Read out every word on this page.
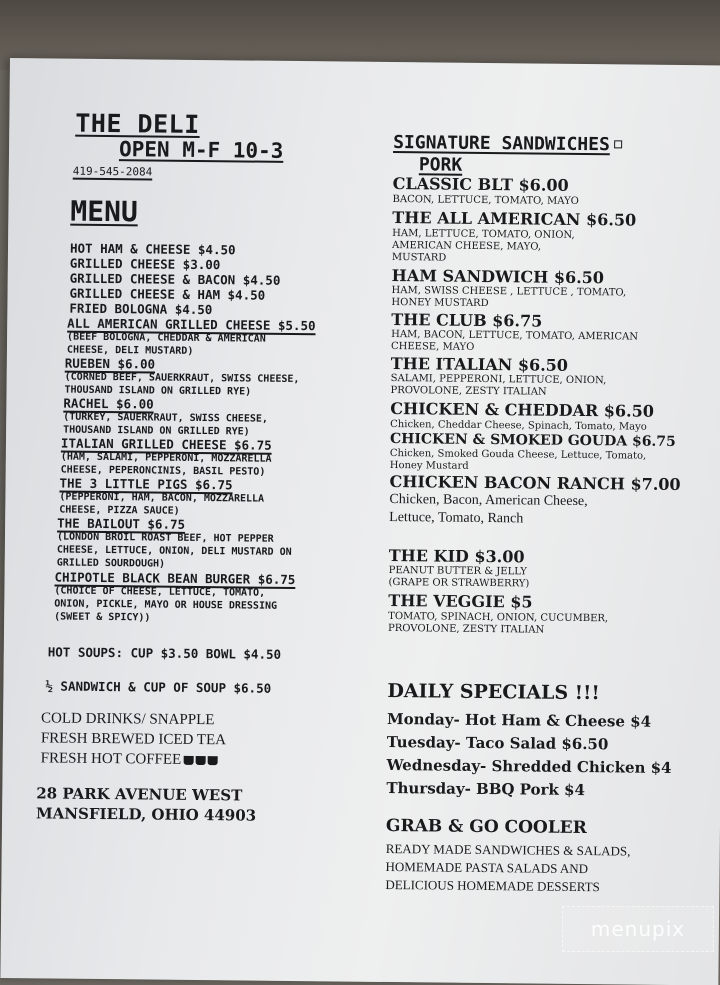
THE DELI
OPEN M-F 10-3
419-545-2084
MENU
HOT HAM & CHEESE $4.50
GRILLED CHEESE $3.00
GRILLED CHEESE & BACON $4.50
GRILLED CHEESE & HAM $4.50
FRIED BOLOGNA $4.50
ALL AMERICAN GRILLED CHEESE $5.50
(BEEF BOLOGNA, CHEDDAR & AMERICAN
CHEESE, DELI MUSTARD)
RUEBEN $6.00
(CORNED BEEF, SAUERKRAUT, SWISS CHEESE,
THOUSAND ISLAND ON GRILLED RYE)
RACHEL $6.00
(TURKEY, SAUERKRAUT, SWISS CHEESE,
THOUSAND ISLAND ON GRILLED RYE)
ITALIAN GRILLED CHEESE $6.75
(HAM, SALAMI, PEPPERONI, MOZZARELLA
CHEESE, PEPERONCINIS, BASIL PESTO)
THE 3 LITTLE PIGS $6.75
(PEPPERONI, HAM, BACON, MOZZARELLA
CHEESE, PIZZA SAUCE)
THE BAILOUT $6.75
(LONDON BROIL ROAST BEEF, HOT PEPPER
CHEESE, LETTUCE, ONION, DELI MUSTARD ON
GRILLED SOURDOUGH)
CHIPOTLE BLACK BEAN BURGER $6.75
(CHOICE OF CHEESE, LETTUCE, TOMATO,
ONION, PICKLE, MAYO OR HOUSE DRESSING
(SWEET & SPICY))
HOT SOUPS: CUP $3.50 BOWL $4.50
½ SANDWICH & CUP OF SOUP $6.50
COLD DRINKS/ SNAPPLE
FRESH BREWED ICED TEA
FRESH HOT COFFEE
28 PARK AVENUE WEST
MANSFIELD, OHIO 44903
SIGNATURE SANDWICHES
PORK
CLASSIC BLT $6.00
BACON, LETTUCE, TOMATO, MAYO
THE ALL AMERICAN $6.50
HAM, LETTUCE, TOMATO, ONION,
AMERICAN CHEESE, MAYO,
MUSTARD
HAM SANDWICH $6.50
HAM, SWISS CHEESE , LETTUCE , TOMATO,
HONEY MUSTARD
THE CLUB $6.75
HAM, BACON, LETTUCE, TOMATO, AMERICAN
CHEESE, MAYO
THE ITALIAN $6.50
SALAMI, PEPPERONI, LETTUCE, ONION,
PROVOLONE, ZESTY ITALIAN
CHICKEN & CHEDDAR $6.50
Chicken, Cheddar Cheese, Spinach, Tomato, Mayo
CHICKEN & SMOKED GOUDA $6.75
Chicken, Smoked Gouda Cheese, Lettuce, Tomato,
Honey Mustard
CHICKEN BACON RANCH $7.00
Chicken, Bacon, American Cheese,
Lettuce, Tomato, Ranch
THE KID $3.00
PEANUT BUTTER & JELLY
(GRAPE OR STRAWBERRY)
THE VEGGIE $5
TOMATO, SPINACH, ONION, CUCUMBER,
PROVOLONE, ZESTY ITALIAN
DAILY SPECIALS !!!
Monday- Hot Ham & Cheese $4
Tuesday- Taco Salad $6.50
Wednesday- Shredded Chicken $4
Thursday- BBQ Pork $4
GRAB & GO COOLER
READY MADE SANDWICHES & SALADS,
HOMEMADE PASTA SALADS AND
DELICIOUS HOMEMADE DESSERTS
menupix
